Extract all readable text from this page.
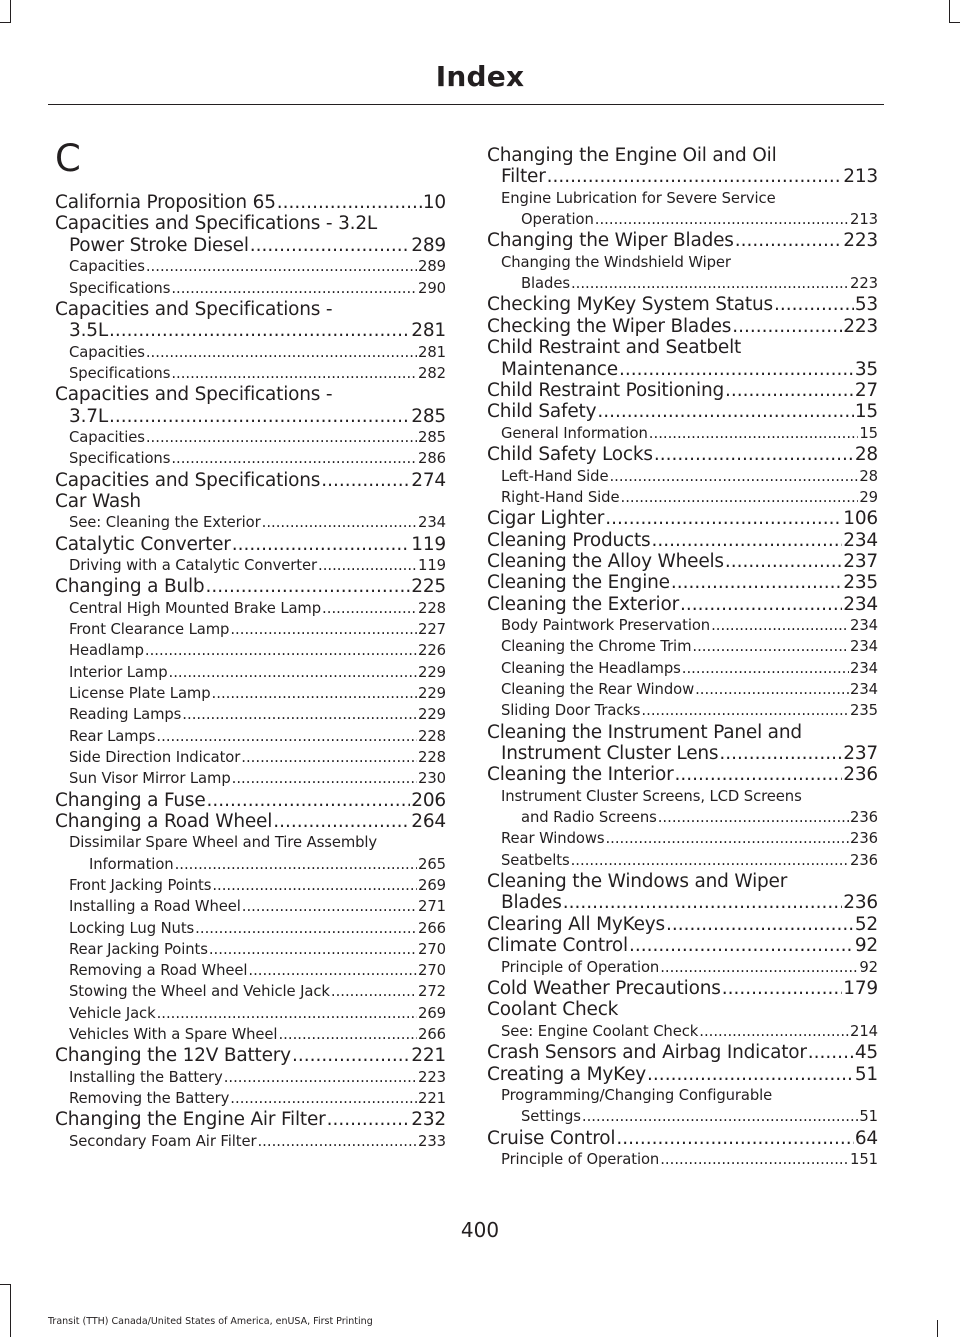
Index
C
California Proposition 65 .....	10
Capacities and Specifications - 3.2L
Power Stroke Diesel .....	289
Capacities .....	289
Specifications .....	290
Capacities and Specifications -
3.5L .....	281
Capacities .....	281
Specifications .....	282
Capacities and Specifications -
3.7L .....	285
Capacities .....	285
Specifications .....	286
Capacities and Specifications .....	274
Car Wash
See: Cleaning the Exterior .....	234
Catalytic Converter .....	119
Driving with a Catalytic Converter .....	119
Changing a Bulb .....	225
Central High Mounted Brake Lamp .....	228
Front Clearance Lamp .....	227
Headlamp .....	226
Interior Lamp .....	229
License Plate Lamp .....	229
Reading Lamps .....	229
Rear Lamps .....	228
Side Direction Indicator .....	228
Sun Visor Mirror Lamp .....	230
Changing a Fuse .....	206
Changing a Road Wheel .....	264
Dissimilar Spare Wheel and Tire Assembly
Information .....	265
Front Jacking Points .....	269
Installing a Road Wheel .....	271
Locking Lug Nuts .....	266
Rear Jacking Points .....	270
Removing a Road Wheel .....	270
Stowing the Wheel and Vehicle Jack .....	272
Vehicle Jack .....	269
Vehicles With a Spare Wheel .....	266
Changing the 12V Battery .....	221
Installing the Battery .....	223
Removing the Battery .....	221
Changing the Engine Air Filter .....	232
Secondary Foam Air Filter .....	233
Changing the Engine Oil and Oil
Filter .....	213
Engine Lubrication for Severe Service
Operation .....	213
Changing the Wiper Blades .....	223
Changing the Windshield Wiper
Blades .....	223
Checking MyKey System Status .....	53
Checking the Wiper Blades .....	223
Child Restraint and Seatbelt
Maintenance .....	35
Child Restraint Positioning .....	27
Child Safety .....	15
General Information .....	15
Child Safety Locks .....	28
Left-Hand Side .....	28
Right-Hand Side .....	29
Cigar Lighter .....	106
Cleaning Products .....	234
Cleaning the Alloy Wheels .....	237
Cleaning the Engine .....	235
Cleaning the Exterior .....	234
Body Paintwork Preservation .....	234
Cleaning the Chrome Trim .....	234
Cleaning the Headlamps .....	234
Cleaning the Rear Window .....	234
Sliding Door Tracks .....	235
Cleaning the Instrument Panel and
Instrument Cluster Lens .....	237
Cleaning the Interior .....	236
Instrument Cluster Screens, LCD Screens
and Radio Screens .....	236
Rear Windows .....	236
Seatbelts .....	236
Cleaning the Windows and Wiper
Blades .....	236
Clearing All MyKeys .....	52
Climate Control .....	92
Principle of Operation .....	92
Cold Weather Precautions .....	179
Coolant Check
See: Engine Coolant Check .....	214
Crash Sensors and Airbag Indicator .....	45
Creating a MyKey .....	51
Programming/Changing Configurable
Settings .....	51
Cruise Control .....	64
Principle of Operation .....	151
400
Transit (TTH) Canada/United States of America, enUSA, First Printing
